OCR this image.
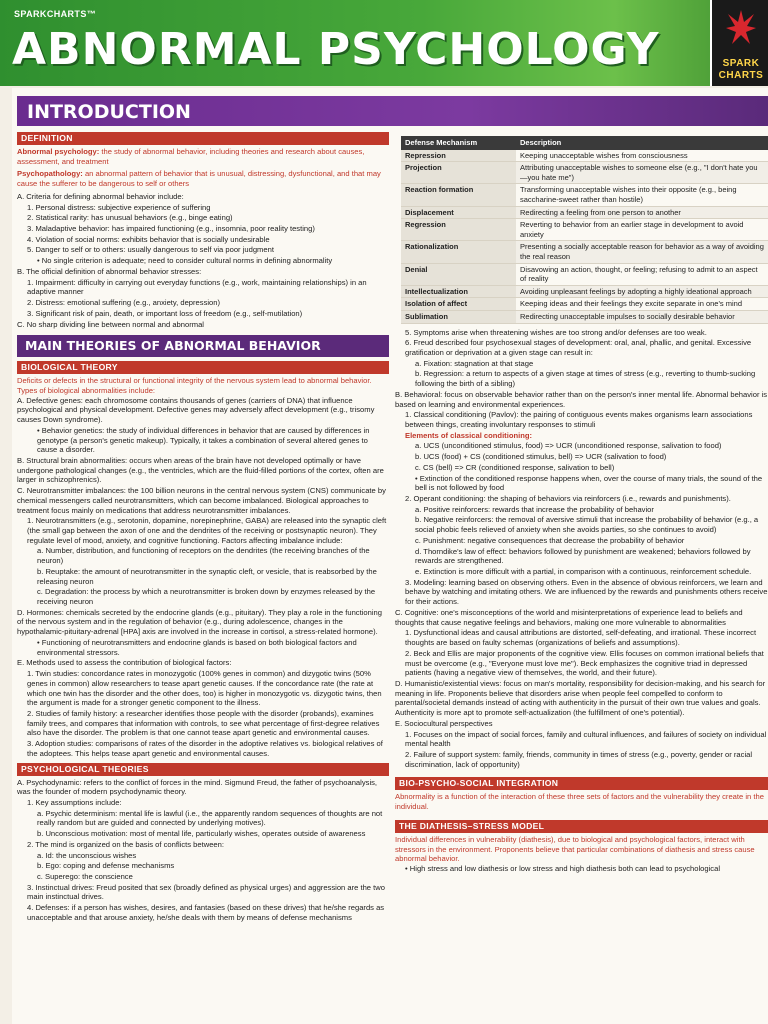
SPARKCHARTS™
ABNORMAL PSYCHOLOGY	SPARK
CHARTS
INTRODUCTION
DEFINITION

Abnormal psychology: the study of abnormal behavior, including theories and research about causes, assessment, and treatment

Psychopathology: an abnormal pattern of behavior that is unusual, distressing, dysfunctional, and that may cause the sufferer to be dangerous to self or others

A. Criteria for defining abnormal behavior include:

1. Personal distress: subjective experience of suffering

2. Statistical rarity: has unusual behaviors (e.g., binge eating)

3. Maladaptive behavior: has impaired functioning (e.g., insomnia, poor reality testing)

4. Violation of social norms: exhibits behavior that is socially undesirable

5. Danger to self or to others: usually dangerous to self via poor judgment

• No single criterion is adequate; need to consider cultural norms in defining abnormality

B. The official definition of abnormal behavior stresses:

1. Impairment: difficulty in carrying out everyday functions (e.g., work, maintaining relationships) in an adaptive manner

2. Distress: emotional suffering (e.g., anxiety, depression)

3. Significant risk of pain, death, or important loss of freedom (e.g., self-mutilation)

C. No sharp dividing line between normal and abnormal

MAIN THEORIES OF ABNORMAL BEHAVIOR
BIOLOGICAL THEORY

Deficits or defects in the structural or functional integrity of the nervous system lead to abnormal behavior. Types of biological abnormalities include:

A. Defective genes: each chromosome contains thousands of genes (carriers of DNA) that influence psychological and physical development. Defective genes may adversely affect development (e.g., trisomy causes Down syndrome).

• Behavior genetics: the study of individual differences in behavior that are caused by differences in genotype (a person's genetic makeup). Typically, it takes a combination of several altered genes to cause a disorder.

B. Structural brain abnormalities: occurs when areas of the brain have not developed optimally or have undergone pathological changes (e.g., the ventricles, which are the fluid-filled portions of the cortex, often are larger in schizophrenics).

C. Neurotransmitter imbalances: the 100 billion neurons in the central nervous system (CNS) communicate by chemical messengers called neurotransmitters, which can become imbalanced. Biological approaches to treatment focus mainly on medications that address neurotransmitter imbalances.

1. Neurotransmitters (e.g., serotonin, dopamine, norepinephrine, GABA) are released into the synaptic cleft (the small gap between the axon of one and the dendrites of the receiving or postsynaptic neuron). They regulate level of mood, anxiety, and cognitive functioning. Factors affecting imbalance include:

a. Number, distribution, and functioning of receptors on the dendrites (the receiving branches of the neuron)

b. Reuptake: the amount of neurotransmitter in the synaptic cleft, or vesicle, that is reabsorbed by the releasing neuron

c. Degradation: the process by which a neurotransmitter is broken down by enzymes released by the receiving neuron

D. Hormones: chemicals secreted by the endocrine glands (e.g., pituitary). They play a role in the functioning of the nervous system and in the regulation of behavior (e.g., during adolescence, changes in the hypothalamic-pituitary-adrenal [HPA] axis are involved in the increase in cortisol, a stress-related hormone).

• Functioning of neurotransmitters and endocrine glands is based on both biological factors and environmental stressors.

E. Methods used to assess the contribution of biological factors:

1. Twin studies: concordance rates in monozygotic (100% genes in common) and dizygotic twins (50% genes in common) allow researchers to tease apart genetic causes. If the concordance rate (the rate at which one twin has the disorder and the other does, too) is higher in monozygotic vs. dizygotic twins, then the argument is made for a stronger genetic component to the illness.

2. Studies of family history: a researcher identifies those people with the disorder (probands), examines family trees, and compares that information with controls, to see what percentage of first-degree relatives also have the disorder. The problem is that one cannot tease apart genetic and environmental causes.

3. Adoption studies: comparisons of rates of the disorder in the adoptive relatives vs. biological relatives of the adoptees. This helps tease apart genetic and environmental causes.

PSYCHOLOGICAL THEORIES

A. Psychodynamic: refers to the conflict of forces in the mind. Sigmund Freud, the father of psychoanalysis, was the founder of modern psychodynamic theory.

1. Key assumptions include:

a. Psychic determinism: mental life is lawful (i.e., the apparently random sequences of thoughts are not really random but are guided and connected by underlying motives).

b. Unconscious motivation: most of mental life, particularly wishes, operates outside of awareness

2. The mind is organized on the basis of conflicts between:

a. Id: the unconscious wishes

b. Ego: coping and defense mechanisms

c. Superego: the conscience

3. Instinctual drives: Freud posited that sex (broadly defined as physical urges) and aggression are the two main instinctual drives.

4. Defenses: if a person has wishes, desires, and fantasies (based on these drives) that he/she regards as unacceptable and that arouse anxiety, he/she deals with them by means of defense mechanisms

Defense Mechanism	Description
Repression	Keeping unacceptable wishes from consciousness
Projection	Attributing unacceptable wishes to someone else (e.g., "I don't hate you—you hate me")
Reaction formation	Transforming unacceptable wishes into their opposite (e.g., being saccharine-sweet rather than hostile)
Displacement	Redirecting a feeling from one person to another
Regression	Reverting to behavior from an earlier stage in development to avoid anxiety
Rationalization	Presenting a socially acceptable reason for behavior as a way of avoiding the real reason
Denial	Disavowing an action, thought, or feeling; refusing to admit to an aspect of reality
Intellectualization	Avoiding unpleasant feelings by adopting a highly ideational approach
Isolation of affect	Keeping ideas and their feelings they excite separate in one's mind
Sublimation	Redirecting unacceptable impulses to socially desirable behavior

5. Symptoms arise when threatening wishes are too strong and/or defenses are too weak.

6. Freud described four psychosexual stages of development: oral, anal, phallic, and genital. Excessive gratification or deprivation at a given stage can result in:

a. Fixation: stagnation at that stage

b. Regression: a return to aspects of a given stage at times of stress (e.g., reverting to thumb-sucking following the birth of a sibling)

B. Behavioral: focus on observable behavior rather than on the person's inner mental life. Abnormal behavior is based on learning and environmental experiences.

1. Classical conditioning (Pavlov): the pairing of contiguous events makes organisms learn associations between things, creating involuntary responses to stimuli

Elements of classical conditioning:

a. UCS (unconditioned stimulus, food) => UCR (unconditioned response, salivation to food)

b. UCS (food) + CS (conditioned stimulus, bell) => UCR (salivation to food)

c. CS (bell) => CR (conditioned response, salivation to bell)

• Extinction of the conditioned response happens when, over the course of many trials, the sound of the bell is not followed by food

2. Operant conditioning: the shaping of behaviors via reinforcers (i.e., rewards and punishments).

a. Positive reinforcers: rewards that increase the probability of behavior

b. Negative reinforcers: the removal of aversive stimuli that increase the probability of behavior (e.g., a social phobic feels relieved of anxiety when she avoids parties, so she continues to avoid)

c. Punishment: negative consequences that decrease the probability of behavior

d. Thorndike's law of effect: behaviors followed by punishment are weakened; behaviors followed by rewards are strengthened.

e. Extinction is more difficult with a partial, in comparison with a continuous, reinforcement schedule.

3. Modeling: learning based on observing others. Even in the absence of obvious reinforcers, we learn and behave by watching and imitating others. We are influenced by the rewards and punishments others receive for their actions.

C. Cognitive: one's misconceptions of the world and misinterpretations of experience lead to beliefs and thoughts that cause negative feelings and behaviors, making one more vulnerable to abnormalities

1. Dysfunctional ideas and causal attributions are distorted, self-defeating, and irrational. These incorrect thoughts are based on faulty schemas (organizations of beliefs and assumptions).

2. Beck and Ellis are major proponents of the cognitive view. Ellis focuses on common irrational beliefs that must be overcome (e.g., "Everyone must love me"). Beck emphasizes the cognitive triad in depressed patients (having a negative view of themselves, the world, and their future).

D. Humanistic/existential views: focus on man's mortality, responsibility for decision-making, and his search for meaning in life. Proponents believe that disorders arise when people feel compelled to conform to parental/societal demands instead of acting with authenticity in the pursuit of their own true values and goals. Authenticity is more apt to promote self-actualization (the fulfillment of one's potential).

E. Sociocultural perspectives

1. Focuses on the impact of social forces, family and cultural influences, and failures of society on individual mental health

2. Failure of support system: family, friends, community in times of stress (e.g., poverty, gender or racial discrimination, lack of opportunity)

BIO-PSYCHO-SOCIAL INTEGRATION

Abnormality is a function of the interaction of these three sets of factors and the vulnerability they create in the individual.

THE DIATHESIS–STRESS MODEL

Individual differences in vulnerability (diathesis), due to biological and psychological factors, interact with stressors in the environment. Proponents believe that particular combinations of diathesis and stress cause abnormal behavior.

• High stress and low diathesis or low stress and high diathesis both can lead to psychological
